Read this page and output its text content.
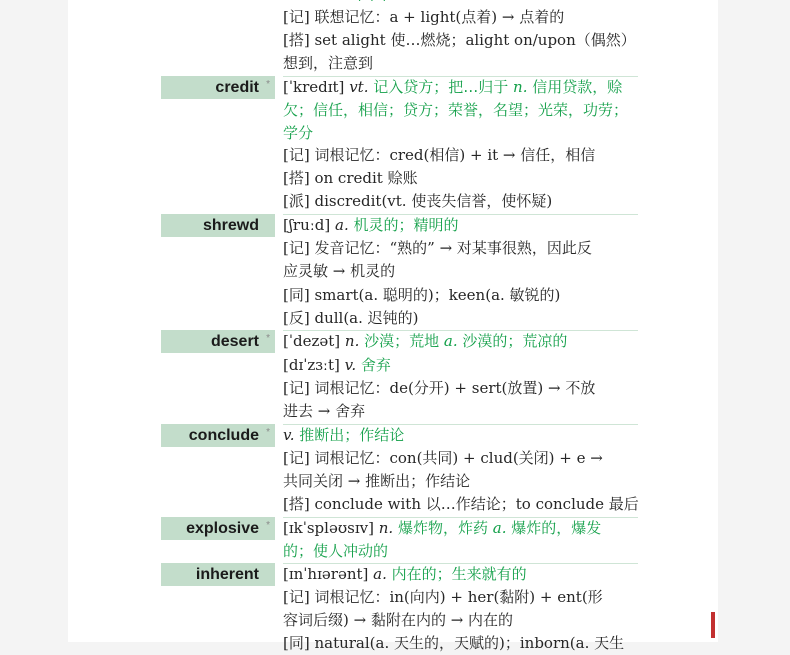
· · ·
[记] 联想记忆：a + light(点着) → 点着的
[搭] set alight 使…燃烧；alight on/upon（偶然）
想到，注意到
credit * [ˈkredɪt] vt. 记入贷方；把…归于 n. 信用贷款，赊
欠；信任，相信；贷方；荣誉，名望；光荣，功劳；
学分
[记] 词根记忆：cred(相信) + it → 信任，相信
[搭] on credit 赊账
[派] discredit(vt. 使丧失信誉，使怀疑)
shrewd	[ʃruːd] a. 机灵的；精明的
[记] 发音记忆：“熟的” → 对某事很熟，因此反
应灵敏 → 机灵的
[同] smart(a. 聪明的)；keen(a. 敏锐的)
[反] dull(a. 迟钝的)
desert * [ˈdezət] n. 沙漠；荒地 a. 沙漠的；荒凉的
[dɪˈzɜːt] v. 舍弃
[记] 词根记忆：de(分开) + sert(放置) → 不放
进去 → 舍弃
conclude * v. 推断出；作结论
[记] 词根记忆：con(共同) + clud(关闭) + e →
共同关闭 → 推断出；作结论
[搭] conclude with 以…作结论；to conclude 最后
explosive * [ɪkˈspləʊsɪv] n. 爆炸物，炸药 a. 爆炸的，爆发
的；使人冲动的
inherent	[ɪnˈhɪərənt] a. 内在的；生来就有的
[记] 词根记忆：in(向内) + her(黏附) + ent(形
容词后缀) → 黏附在内的 → 内在的
[同] natural(a. 天生的，天赋的)；inborn(a. 天生
